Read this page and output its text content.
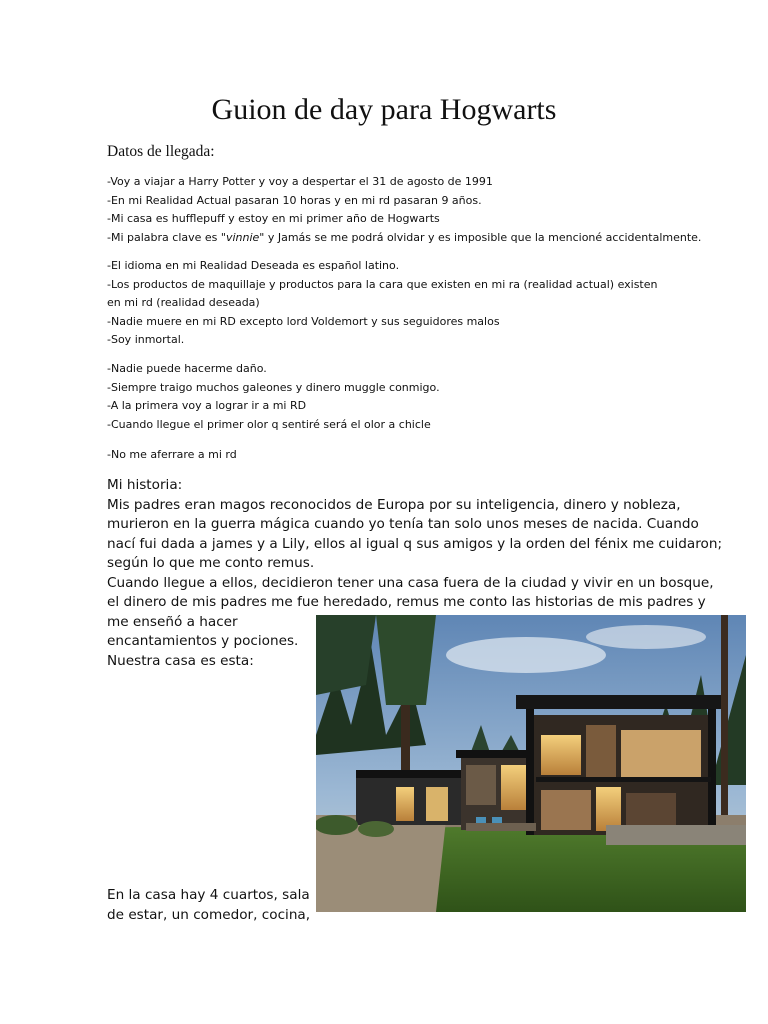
Guion de day para Hogwarts
Datos de llegada:
-Voy a viajar a Harry Potter y voy a despertar el 31 de agosto de 1991
-En mi Realidad Actual pasaran 10 horas y en mi rd pasaran 9 años.
-Mi casa es hufflepuff y estoy en mi primer año de Hogwarts
-Mi palabra clave es "vinnie" y Jamás se me podrá olvidar y es imposible que la mencioné accidentalmente.
-El idioma en mi Realidad Deseada es español latino.
-Los productos de maquillaje y productos para la cara que existen en mi ra (realidad actual) existen en mi rd (realidad deseada)
-Nadie muere en mi RD excepto lord Voldemort y sus seguidores malos
-Soy inmortal.
-Nadie puede hacerme daño.
-Siempre traigo muchos galeones y dinero muggle conmigo.
-A la primera voy a lograr ir a mi RD
-Cuando llegue el primer olor q sentiré será el olor a chicle
-No me aferrare a mi rd
Mi historia:
Mis padres eran magos reconocidos de Europa por su inteligencia, dinero y nobleza,
murieron en la guerra mágica cuando yo tenía tan solo unos meses de nacida. Cuando
nací fui dada a james y a Lily, ellos al igual q sus amigos y la orden del fénix me cuidaron;
según lo que me conto remus.
Cuando llegue a ellos, decidieron tener una casa fuera de la ciudad y vivir en un bosque,
el dinero de mis padres me fue heredado, remus me conto las historias de mis padres y
me enseñó a hacer
encantamientos y pociones.
Nuestra casa es esta:
En la casa hay 4 cuartos, sala
de estar, un comedor, cocina,
